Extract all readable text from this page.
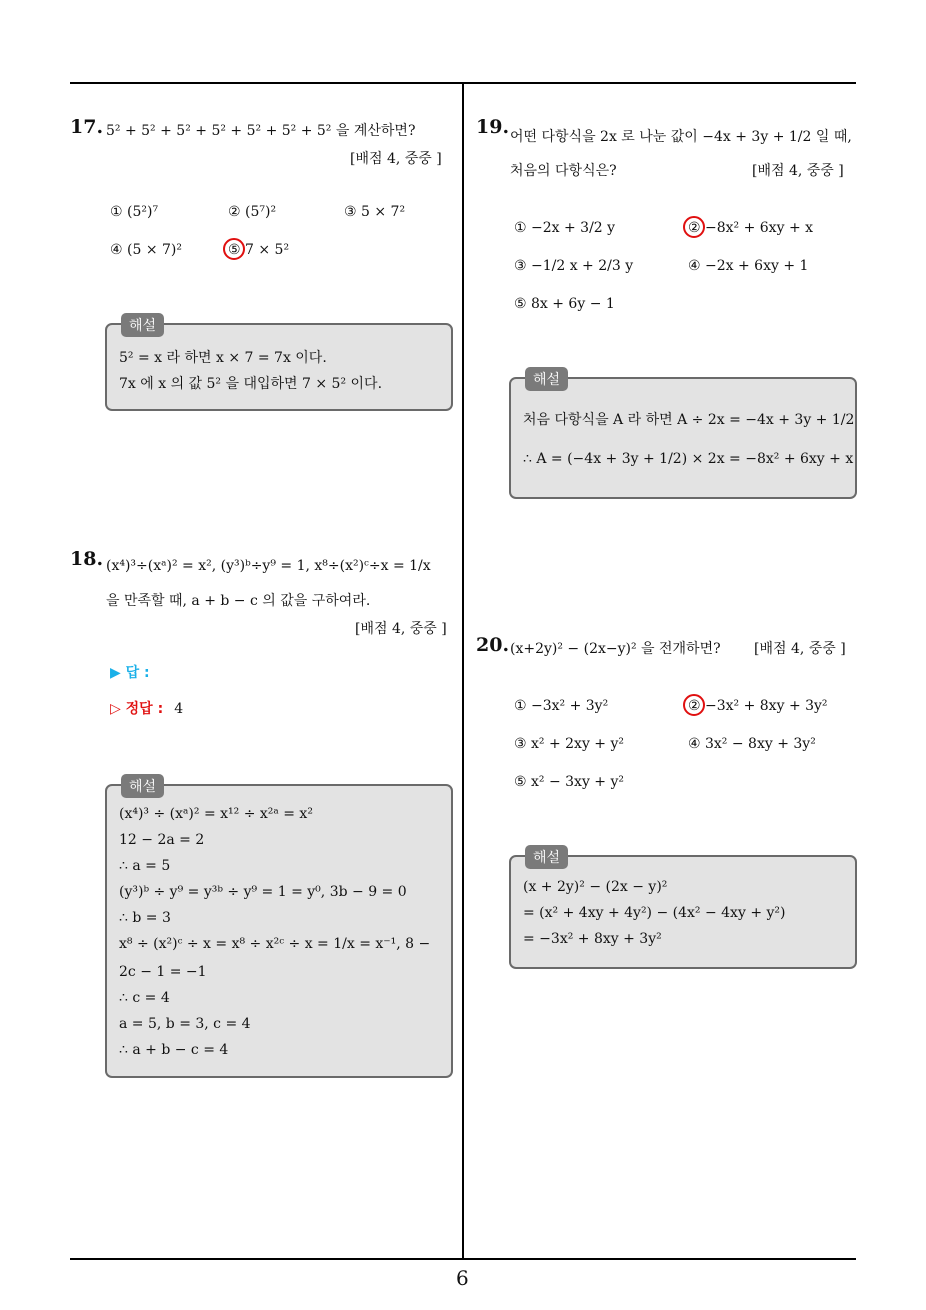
17. 5² + 5² + 5² + 5² + 5² + 5² + 5² 을 계산하면?
[배점 4, 중중 ]
① (5²)⁷	② (5⁷)²	③ 5 × 7²
④ (5 × 7)²	⑤ 7 × 5²
해설
5² = x 라 하면 x × 7 = 7x 이다.
7x 에 x 의 값 5² 을 대입하면 7 × 5² 이다.
18. (x⁴)³÷(xᵃ)² = x², (y³)ᵇ÷y⁹ = 1, x⁸÷(x²)ᶜ÷x = 1/x
을 만족할 때, a + b − c 의 값을 구하여라.
[배점 4, 중중 ]
▶ 답 :
▷ 정답 : 4
해설
(x⁴)³ ÷ (xᵃ)² = x¹² ÷ x²ᵃ = x²
12 − 2a = 2
∴ a = 5
(y³)ᵇ ÷ y⁹ = y³ᵇ ÷ y⁹ = 1 = y⁰, 3b − 9 = 0
∴ b = 3
x⁸ ÷ (x²)ᶜ ÷ x = x⁸ ÷ x²ᶜ ÷ x = 1/x = x⁻¹, 8 −
2c − 1 = −1
∴ c = 4
a = 5, b = 3, c = 4
∴ a + b − c = 4
19. 어떤 다항식을 2x 로 나눈 값이 −4x + 3y + 1/2 일 때,
처음의 다항식은?	[배점 4, 중중 ]
① −2x + 3/2 y	② −8x² + 6xy + x
③ −1/2 x + 2/3 y	④ −2x + 6xy + 1
⑤ 8x + 6y − 1
해설
처음 다항식을 A 라 하면 A ÷ 2x = −4x + 3y + 1/2
∴ A = (−4x + 3y + 1/2) × 2x = −8x² + 6xy + x
20. (x+2y)² − (2x−y)² 을 전개하면? [배점 4, 중중 ]
① −3x² + 3y²	② −3x² + 8xy + 3y²
③ x² + 2xy + y²	④ 3x² − 8xy + 3y²
⑤ x² − 3xy + y²
해설
(x + 2y)² − (2x − y)²
= (x² + 4xy + 4y²) − (4x² − 4xy + y²)
= −3x² + 8xy + 3y²
6
